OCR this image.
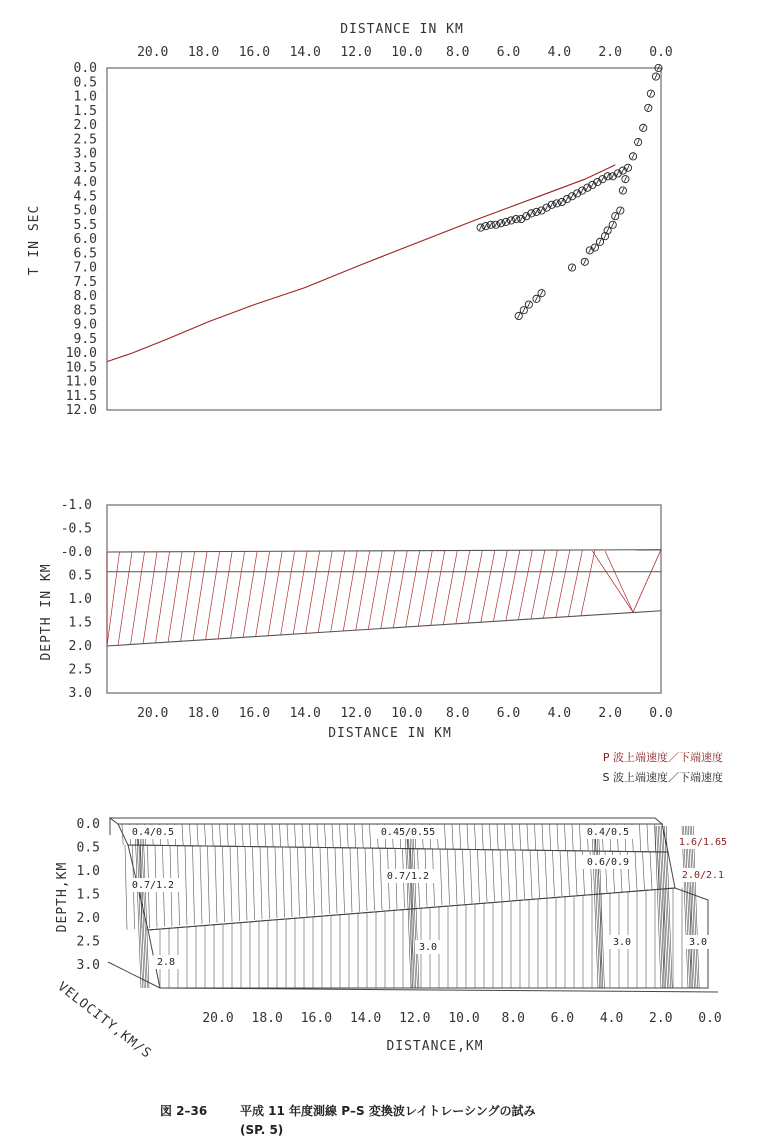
DISTANCE IN KM
20.0 18.0 16.0 14.0 12.0 10.0 8.0 6.0 4.0 2.0 0.0
0.0
0.5
1.0
1.5
2.0
2.5
3.0
3.5
4.0
4.5
5.0
5.5
6.0
6.5
7.0
7.5
8.0
8.5
9.0
9.5
10.0
10.5
11.0
11.5
12.0
T IN SEC
-1.0
-0.5
-0.0
0.5
1.0
1.5
2.0
2.5
3.0
DEPTH IN KM
20.0 18.0 16.0 14.0 12.0 10.0 8.0 6.0 4.0 2.0 0.0
DISTANCE IN KM
P 波上端速度／下端速度
S 波上端速度／下端速度
0.0
0.5
1.0
1.5
2.0
2.5
3.0
DEPTH,KM
VELOCITY,KM/S
0.4/0.5	0.45/0.55	0.4/0.5
1.6/1.65
0.7/1.2
0.7/1.2
0.6/0.9
2.0/2.1
2.8
3.0	3.0	3.0
20.0 18.0 16.0 14.0 12.0 10.0 8.0 6.0 4.0 2.0 0.0
DISTANCE,KM
図 2–36	平成 11 年度測線 P–S 変換波レイトレーシングの試み
(SP. 5)
